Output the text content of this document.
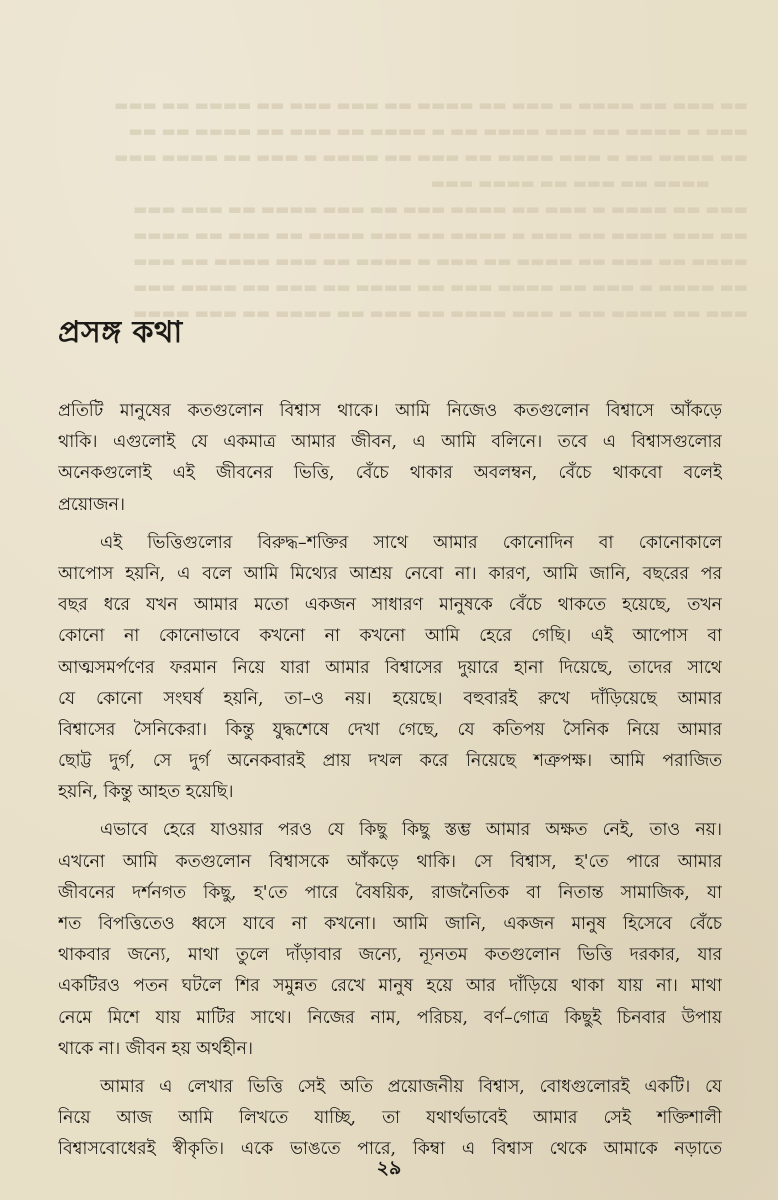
▬▬ ▬▬▬ ▬▬ ▬▬▬▬ ▬ ▬▬▬ ▬▬ ▬▬▬▬ ▬▬ ▬▬▬ ▬▬▬ ▬▬ ▬▬▬▬ ▬▬ ▬▬▬
▬▬▬ ▬ ▬▬▬▬ ▬▬ ▬▬▬ ▬▬▬▬ ▬▬ ▬ ▬▬▬▬ ▬▬ ▬▬▬ ▬▬ ▬▬▬▬ ▬▬ ▬▬
▬▬ ▬▬▬▬ ▬▬ ▬ ▬▬▬ ▬▬▬▬ ▬▬ ▬▬▬ ▬▬ ▬▬▬▬ ▬ ▬▬▬ ▬▬ ▬▬▬▬ ▬▬▬
▬▬▬▬ ▬▬ ▬▬▬ ▬▬ ▬▬▬▬ ▬▬▬
▬▬▬ ▬▬ ▬▬▬▬ ▬ ▬▬▬ ▬▬ ▬▬▬▬ ▬▬▬ ▬▬ ▬▬▬ ▬▬▬▬ ▬▬ ▬▬▬ ▬▬▬
▬▬ ▬▬▬ ▬▬▬▬ ▬▬ ▬▬▬ ▬ ▬▬▬▬ ▬▬ ▬▬▬ ▬▬▬▬ ▬▬ ▬▬▬ ▬▬ ▬▬▬▬
▬▬▬▬ ▬▬ ▬▬▬ ▬▬ ▬▬▬▬ ▬▬ ▬▬▬ ▬ ▬▬▬▬ ▬▬ ▬▬▬ ▬▬▬▬ ▬▬ ▬▬▬
▬▬ ▬▬▬▬ ▬ ▬▬▬ ▬▬ ▬▬▬▬ ▬▬▬ ▬▬ ▬▬▬▬ ▬▬ ▬▬▬ ▬▬ ▬▬▬▬ ▬▬▬
▬▬▬ ▬▬ ▬▬▬▬ ▬▬ ▬ ▬▬▬ ▬▬▬▬ ▬▬ ▬▬▬ ▬▬ ▬▬▬▬ ▬▬ ▬▬▬ ▬▬▬▬
প্রসঙ্গ কথা
প্রতিটি মানুষের কতগুলোন বিশ্বাস থাকে। আমি নিজেও কতগুলোন বিশ্বাসে আঁকড়ে
থাকি। এগুলোই যে একমাত্র আমার জীবন, এ আমি বলিনে। তবে এ বিশ্বাসগুলোর
অনেকগুলোই এই জীবনের ভিত্তি, বেঁচে থাকার অবলম্বন, বেঁচে থাকবো বলেই
প্রয়োজন।
এই ভিত্তিগুলোর বিরুদ্ধ–শক্তির সাথে আমার কোনোদিন বা কোনোকালে
আপোস হয়নি, এ বলে আমি মিথ্যের আশ্রয় নেবো না। কারণ, আমি জানি, বছরের পর
বছর ধরে যখন আমার মতো একজন সাধারণ মানুষকে বেঁচে থাকতে হয়েছে, তখন
কোনো না কোনোভাবে কখনো না কখনো আমি হেরে গেছি। এই আপোস বা
আত্মসমর্পণের ফরমান নিয়ে যারা আমার বিশ্বাসের দুয়ারে হানা দিয়েছে, তাদের সাথে
যে কোনো সংঘর্ষ হয়নি, তা–ও নয়। হয়েছে। বহুবারই রুখে দাঁড়িয়েছে আমার
বিশ্বাসের সৈনিকেরা। কিন্তু যুদ্ধশেষে দেখা গেছে, যে কতিপয় সৈনিক নিয়ে আমার
ছোট্ট দুর্গ, সে দুর্গ অনেকবারই প্রায় দখল করে নিয়েছে শত্রুপক্ষ। আমি পরাজিত
হয়নি, কিন্তু আহত হয়েছি।
এভাবে হেরে যাওয়ার পরও যে কিছু কিছু স্তম্ভ আমার অক্ষত নেই, তাও নয়।
এখনো আমি কতগুলোন বিশ্বাসকে আঁকড়ে থাকি। সে বিশ্বাস, হ'তে পারে আমার
জীবনের দর্শনগত কিছু, হ'তে পারে বৈষয়িক, রাজনৈতিক বা নিতান্ত সামাজিক, যা
শত বিপত্তিতেও ধ্বসে যাবে না কখনো। আমি জানি, একজন মানুষ হিসেবে বেঁচে
থাকবার জন্যে, মাথা তুলে দাঁড়াবার জন্যে, ন্যূনতম কতগুলোন ভিত্তি দরকার, যার
একটিরও পতন ঘটলে শির সমুন্নত রেখে মানুষ হয়ে আর দাঁড়িয়ে থাকা যায় না। মাথা
নেমে মিশে যায় মাটির সাথে। নিজের নাম, পরিচয়, বর্ণ–গোত্র কিছুই চিনবার উপায়
থাকে না। জীবন হয় অর্থহীন।
আমার এ লেখার ভিত্তি সেই অতি প্রয়োজনীয় বিশ্বাস, বোধগুলোরই একটি। যে
নিয়ে আজ আমি লিখতে যাচ্ছি, তা যথার্থভাবেই আমার সেই শক্তিশালী
বিশ্বাসবোধেরই স্বীকৃতি। একে ভাঙতে পারে, কিম্বা এ বিশ্বাস থেকে আমাকে নড়াতে
২৯
